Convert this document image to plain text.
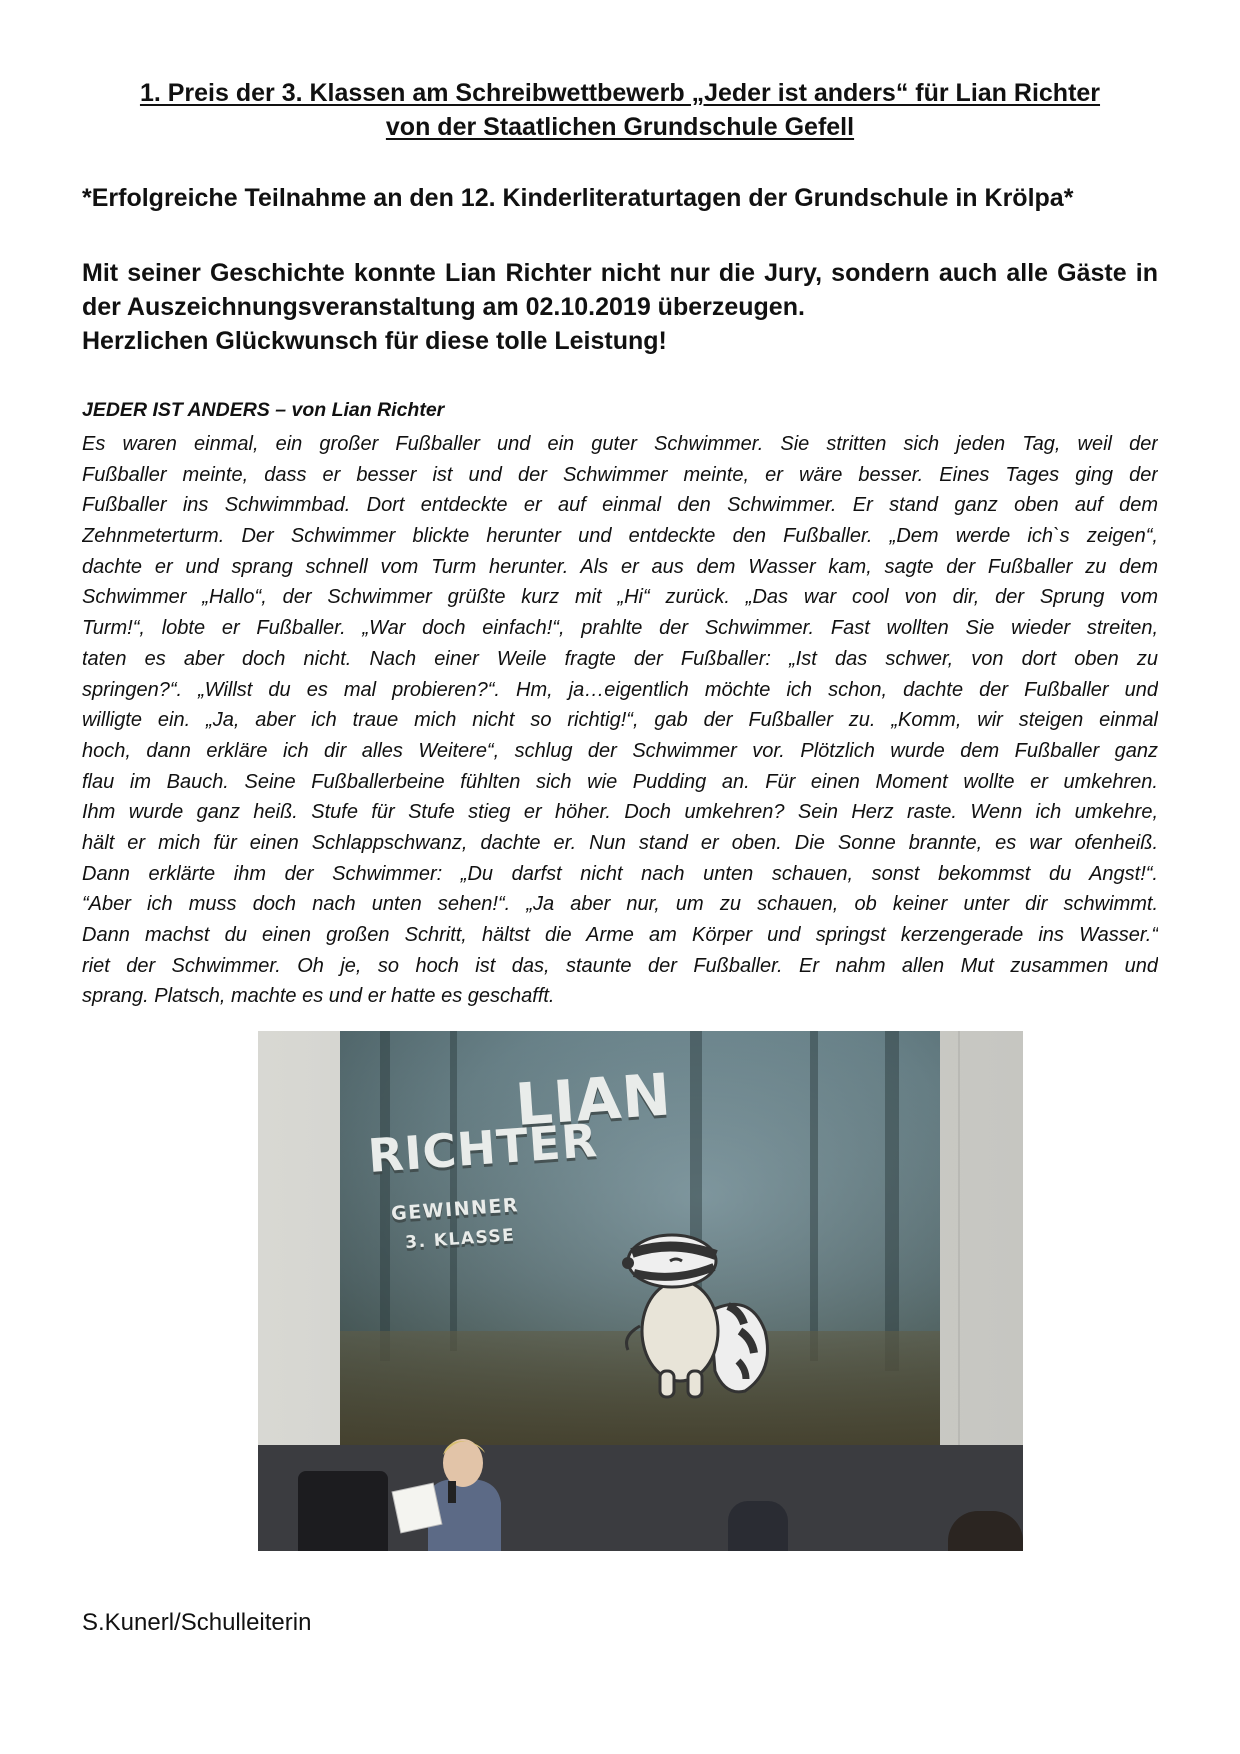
1. Preis der 3. Klassen am Schreibwettbewerb „Jeder ist anders“ für Lian Richter
von der Staatlichen Grundschule Gefell
*Erfolgreiche Teilnahme an den 12. Kinderliteraturtagen der Grundschule in Krölpa*
Mit seiner Geschichte konnte Lian Richter nicht nur die Jury, sondern auch alle Gäste in
der Auszeichnungsveranstaltung am 02.10.2019 überzeugen.
Herzlichen Glückwunsch für diese tolle Leistung!
JEDER IST ANDERS – von Lian Richter
Es waren einmal, ein großer Fußballer und ein guter Schwimmer. Sie stritten sich jeden Tag, weil der
Fußballer meinte, dass er besser ist und der Schwimmer meinte, er wäre besser. Eines Tages ging der
Fußballer ins Schwimmbad. Dort entdeckte er auf einmal den Schwimmer. Er stand ganz oben auf dem
Zehnmeterturm. Der Schwimmer blickte herunter und entdeckte den Fußballer. „Dem werde ich`s zeigen“,
dachte er und sprang schnell vom Turm herunter. Als er aus dem Wasser kam, sagte der Fußballer zu dem
Schwimmer „Hallo“, der Schwimmer grüßte kurz mit „Hi“ zurück. „Das war cool von dir, der Sprung vom
Turm!“, lobte er Fußballer. „War doch einfach!“, prahlte der Schwimmer. Fast wollten Sie wieder streiten,
taten es aber doch nicht. Nach einer Weile fragte der Fußballer: „Ist das schwer, von dort oben zu
springen?“. „Willst du es mal probieren?“. Hm, ja…eigentlich möchte ich schon, dachte der Fußballer und
willigte ein. „Ja, aber ich traue mich nicht so richtig!“, gab der Fußballer zu. „Komm, wir steigen einmal
hoch, dann erkläre ich dir alles Weitere“, schlug der Schwimmer vor. Plötzlich wurde dem Fußballer ganz
flau im Bauch. Seine Fußballerbeine fühlten sich wie Pudding an. Für einen Moment wollte er umkehren.
Ihm wurde ganz heiß. Stufe für Stufe stieg er höher. Doch umkehren? Sein Herz raste. Wenn ich umkehre,
hält er mich für einen Schlappschwanz, dachte er. Nun stand er oben. Die Sonne brannte, es war ofenheiß.
Dann erklärte ihm der Schwimmer: „Du darfst nicht nach unten schauen, sonst bekommst du Angst!“.
“Aber ich muss doch nach unten sehen!“. „Ja aber nur, um zu schauen, ob keiner unter dir schwimmt.
Dann machst du einen großen Schritt, hältst die Arme am Körper und springst kerzengerade ins Wasser.“
riet der Schwimmer. Oh je, so hoch ist das, staunte der Fußballer. Er nahm allen Mut zusammen und
sprang. Platsch, machte es und er hatte es geschafft.
LIAN
RICHTER
GEWINNER
3. KLASSE
S.Kunerl/Schulleiterin
